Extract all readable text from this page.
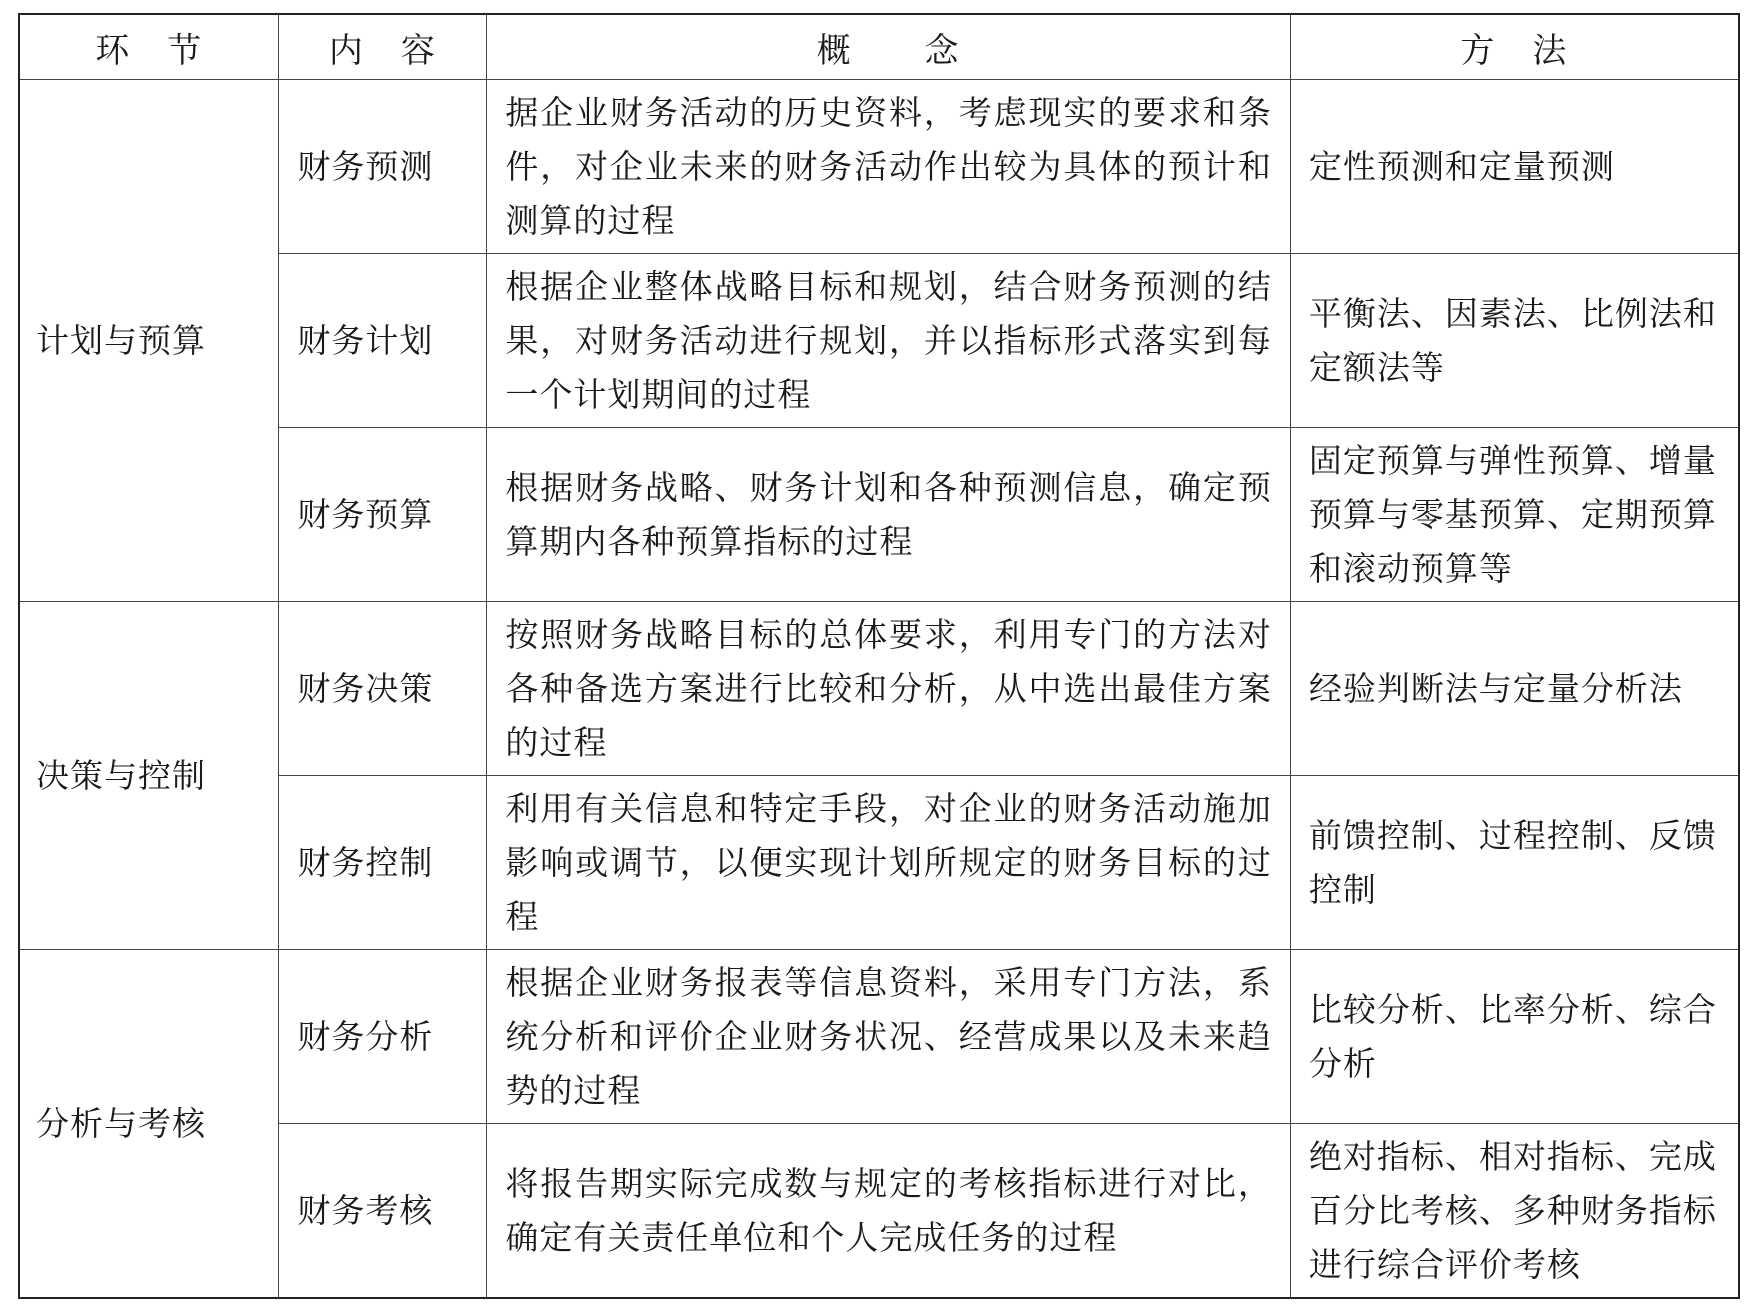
环　节	内　容	概　　念	方　法
计划与预算	财务预测	据企业财务活动的历史资料，考虑现实的要求和条件，对企业未来的财务活动作出较为具体的预计和测算的过程	定性预测和定量预测
	财务计划	根据企业整体战略目标和规划，结合财务预测的结果，对财务活动进行规划，并以指标形式落实到每一个计划期间的过程	平衡法、因素法、比例法和定额法等
	财务预算	根据财务战略、财务计划和各种预测信息，确定预算期内各种预算指标的过程	固定预算与弹性预算、增量预算与零基预算、定期预算和滚动预算等
决策与控制	财务决策	按照财务战略目标的总体要求，利用专门的方法对各种备选方案进行比较和分析，从中选出最佳方案的过程	经验判断法与定量分析法
	财务控制	利用有关信息和特定手段，对企业的财务活动施加影响或调节，以便实现计划所规定的财务目标的过程	前馈控制、过程控制、反馈控制
分析与考核	财务分析	根据企业财务报表等信息资料，采用专门方法，系统分析和评价企业财务状况、经营成果以及未来趋势的过程	比较分析、比率分析、综合分析
	财务考核	将报告期实际完成数与规定的考核指标进行对比，确定有关责任单位和个人完成任务的过程	绝对指标、相对指标、完成百分比考核、多种财务指标进行综合评价考核
